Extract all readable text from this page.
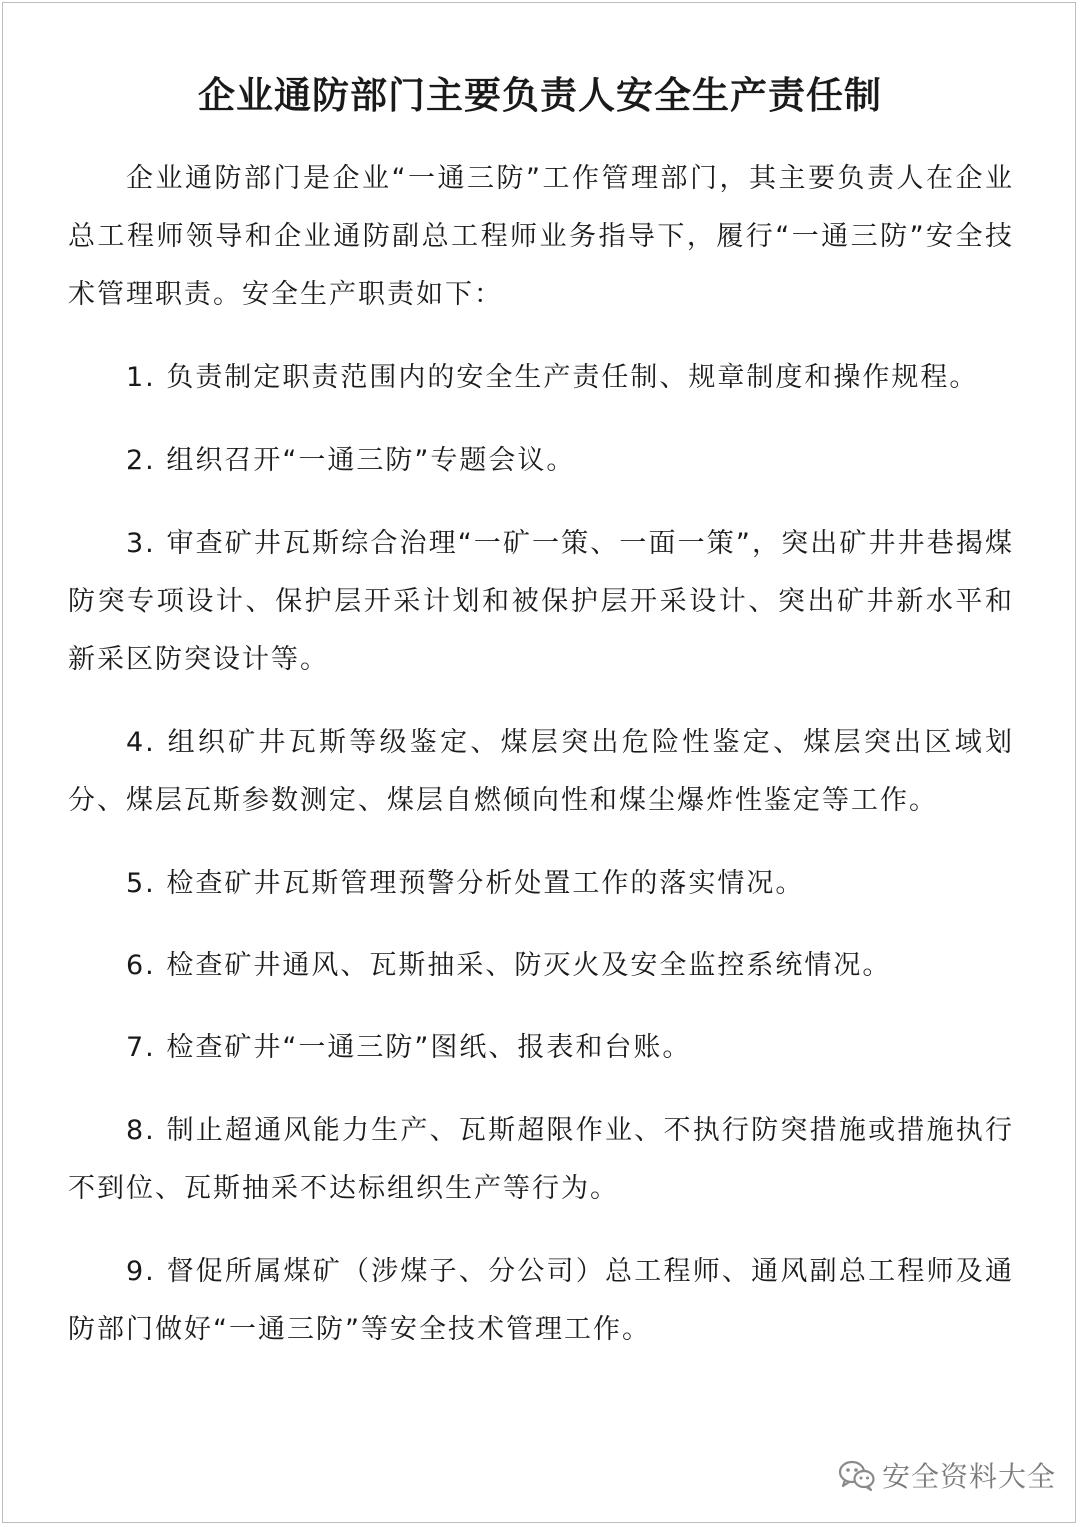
企业通防部门主要负责人安全生产责任制

企业通防部门是企业“一通三防”工作管理部门，其主要负责人在企业总工程师领导和企业通防副总工程师业务指导下，履行“一通三防”安全技术管理职责。安全生产职责如下：

1. 负责制定职责范围内的安全生产责任制、规章制度和操作规程。

2. 组织召开“一通三防”专题会议。

3. 审查矿井瓦斯综合治理“一矿一策、一面一策”，突出矿井井巷揭煤防突专项设计、保护层开采计划和被保护层开采设计、突出矿井新水平和新采区防突设计等。

4. 组织矿井瓦斯等级鉴定、煤层突出危险性鉴定、煤层突出区域划分、煤层瓦斯参数测定、煤层自燃倾向性和煤尘爆炸性鉴定等工作。

5. 检查矿井瓦斯管理预警分析处置工作的落实情况。

6. 检查矿井通风、瓦斯抽采、防灭火及安全监控系统情况。

7. 检查矿井“一通三防”图纸、报表和台账。

8. 制止超通风能力生产、瓦斯超限作业、不执行防突措施或措施执行不到位、瓦斯抽采不达标组织生产等行为。

9. 督促所属煤矿（涉煤子、分公司）总工程师、通风副总工程师及通防部门做好“一通三防”等安全技术管理工作。

安全资料大全
